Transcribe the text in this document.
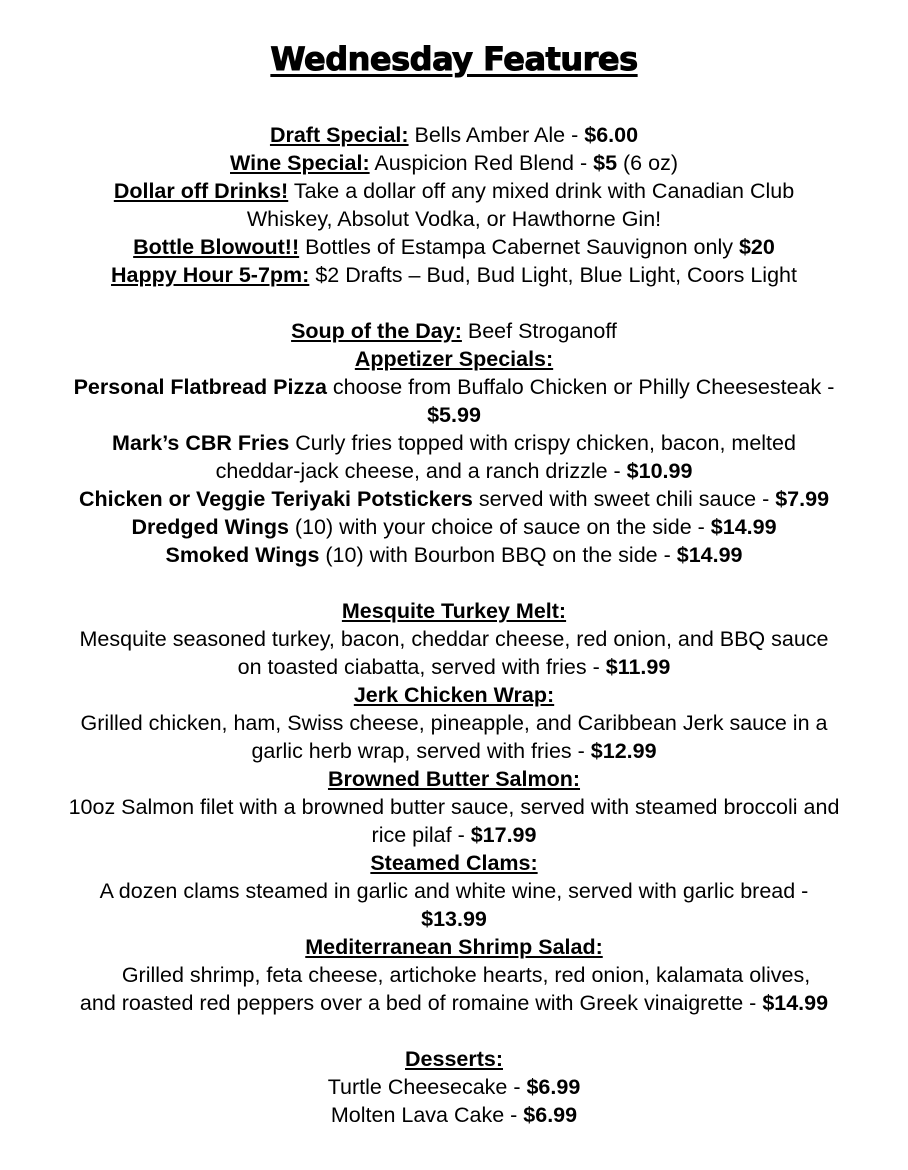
Wednesday Features
Draft Special: Bells Amber Ale - $6.00
Wine Special: Auspicion Red Blend - $5 (6 oz)
Dollar off Drinks! Take a dollar off any mixed drink with Canadian Club
Whiskey, Absolut Vodka, or Hawthorne Gin!
Bottle Blowout!! Bottles of Estampa Cabernet Sauvignon only $20
Happy Hour 5-7pm: $2 Drafts – Bud, Bud Light, Blue Light, Coors Light
Soup of the Day: Beef Stroganoff
Appetizer Specials:
Personal Flatbread Pizza choose from Buffalo Chicken or Philly Cheesesteak -
$5.99
Mark’s CBR Fries Curly fries topped with crispy chicken, bacon, melted
cheddar-jack cheese, and a ranch drizzle - $10.99
Chicken or Veggie Teriyaki Potstickers served with sweet chili sauce - $7.99
Dredged Wings (10) with your choice of sauce on the side - $14.99
Smoked Wings (10) with Bourbon BBQ on the side - $14.99
Mesquite Turkey Melt:
Mesquite seasoned turkey, bacon, cheddar cheese, red onion, and BBQ sauce
on toasted ciabatta, served with fries - $11.99
Jerk Chicken Wrap:
Grilled chicken, ham, Swiss cheese, pineapple, and Caribbean Jerk sauce in a
garlic herb wrap, served with fries - $12.99
Browned Butter Salmon:
10oz Salmon filet with a browned butter sauce, served with steamed broccoli and
rice pilaf - $17.99
Steamed Clams:
A dozen clams steamed in garlic and white wine, served with garlic bread -
$13.99
Mediterranean Shrimp Salad:
Grilled shrimp, feta cheese, artichoke hearts, red onion, kalamata olives,
and roasted red peppers over a bed of romaine with Greek vinaigrette - $14.99
Desserts:
Turtle Cheesecake - $6.99
Molten Lava Cake - $6.99
